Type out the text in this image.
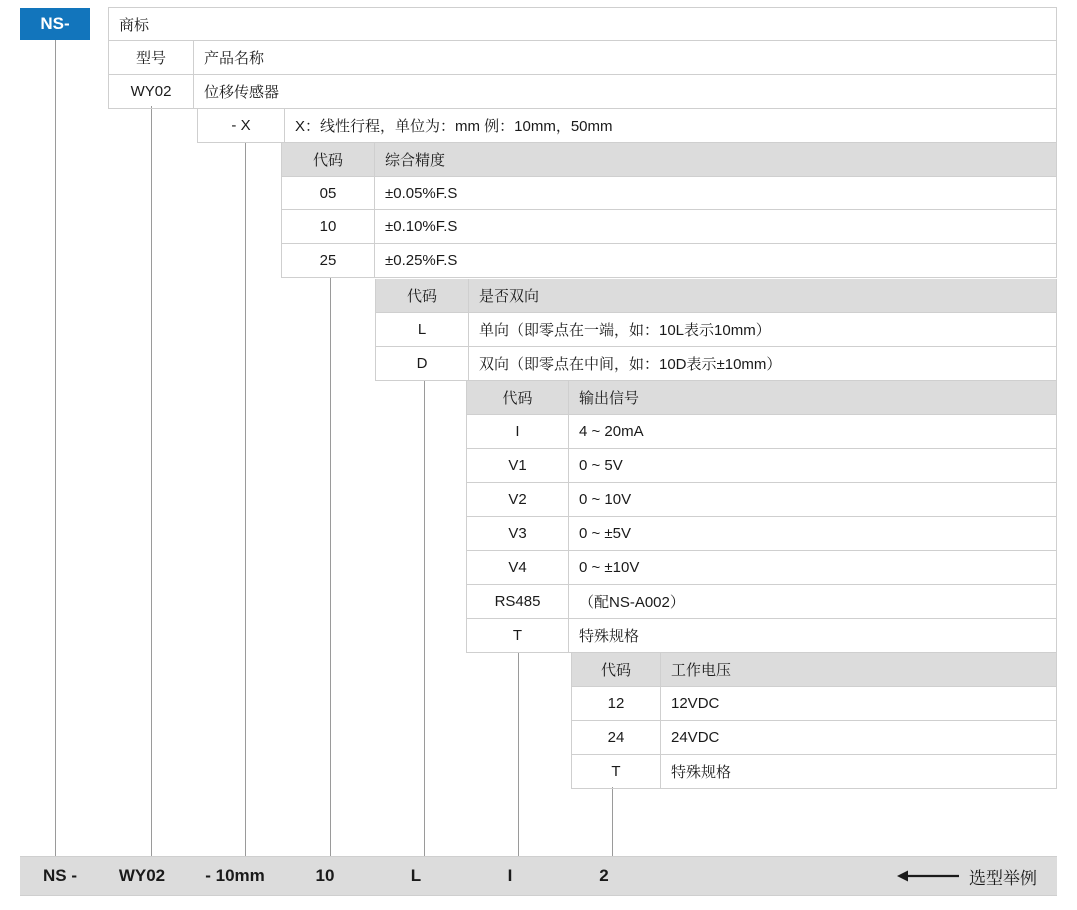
NS-	商标
型号	产品名称
WY02	位移传感器
- X	X：线性行程，单位为：mm 例：10mm，50mm
代码	综合精度
05	±0.05%F.S
10	±0.10%F.S
25	±0.25%F.S
代码	是否双向
L	单向（即零点在一端，如：10L表示10mm）
D	双向（即零点在中间，如：10D表示±10mm）
代码	输出信号
I	4 ~ 20mA
V1	0 ~ 5V
V2	0 ~ 10V
V3	0 ~ ±5V
V4	0 ~ ±10V
RS485	（配NS-A002）
T	特殊规格
代码	工作电压
12	12VDC
24	24VDC
T	特殊规格
NS -	WY02	- 10mm	10	L	I	2	选型举例
